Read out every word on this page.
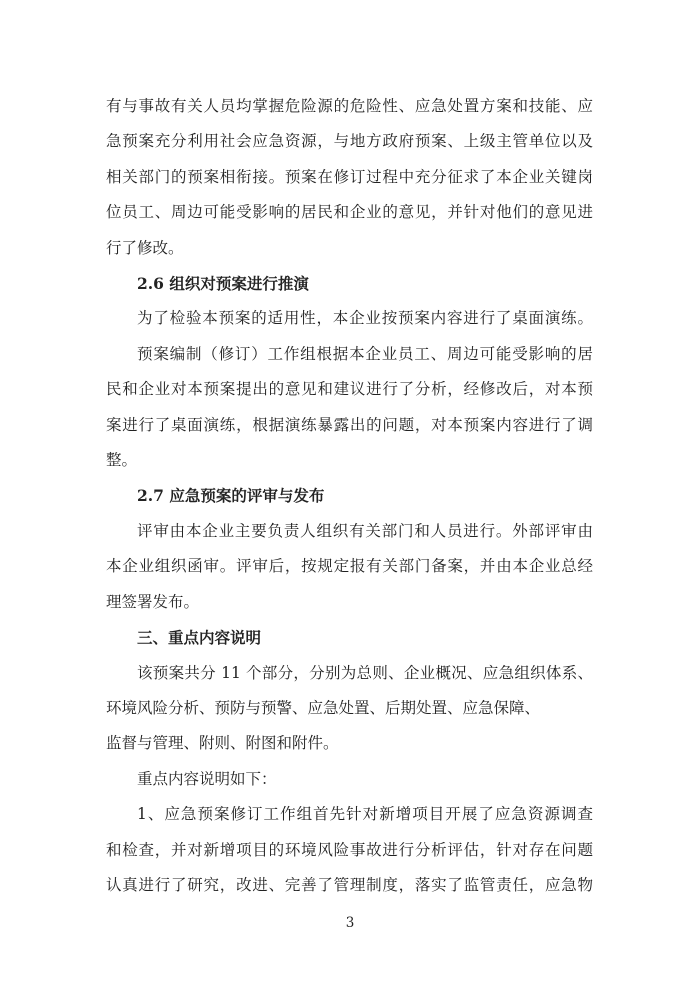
有与事故有关人员均掌握危险源的危险性、应急处置方案和技能、应
急预案充分利用社会应急资源，与地方政府预案、上级主管单位以及
相关部门的预案相衔接。预案在修订过程中充分征求了本企业关键岗
位员工、周边可能受影响的居民和企业的意见，并针对他们的意见进
行了修改。
2.6 组织对预案进行推演
为了检验本预案的适用性，本企业按预案内容进行了桌面演练。
预案编制（修订）工作组根据本企业员工、周边可能受影响的居
民和企业对本预案提出的意见和建议进行了分析，经修改后，对本预
案进行了桌面演练，根据演练暴露出的问题，对本预案内容进行了调
整。
2.7 应急预案的评审与发布
评审由本企业主要负责人组织有关部门和人员进行。外部评审由
本企业组织函审。评审后，按规定报有关部门备案，并由本企业总经
理签署发布。
三、重点内容说明
该预案共分 11 个部分，分别为总则、企业概况、应急组织体系、
环境风险分析、预防与预警、应急处置、后期处置、应急保障、
监督与管理、附则、附图和附件。
重点内容说明如下：
1、应急预案修订工作组首先针对新增项目开展了应急资源调查
和检查，并对新增项目的环境风险事故进行分析评估，针对存在问题
认真进行了研究，改进、完善了管理制度，落实了监管责任，应急物
3
